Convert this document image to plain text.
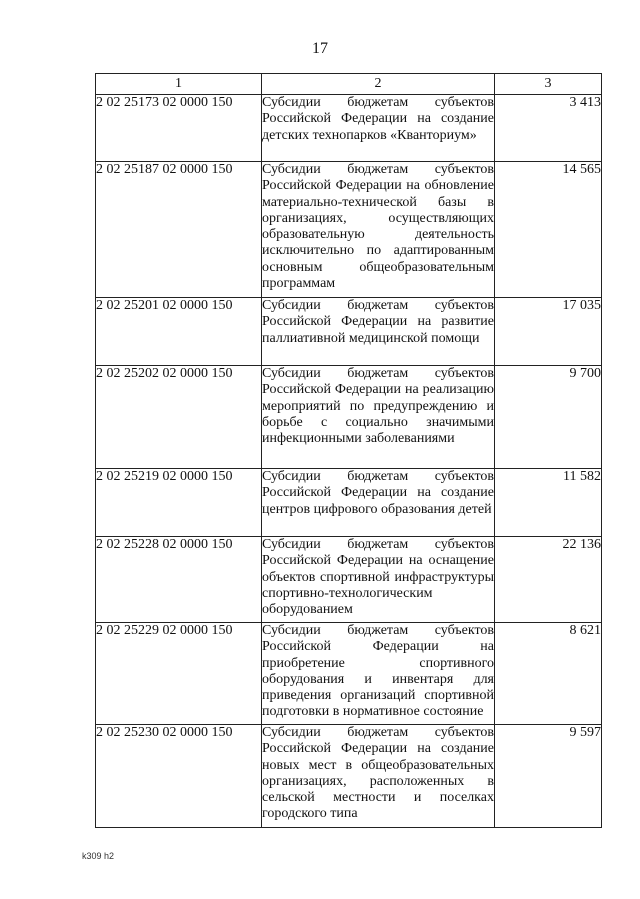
17
1	2	3
2 02 25173 02 0000 150	Субсидии бюджетам субъектов Российской Федерации на создание детских технопарков «Кванториум»	3 413
2 02 25187 02 0000 150	Субсидии бюджетам субъектов Российской Федерации на обновление материально-технической базы в организациях, осуществляющих образовательную деятельность исключительно по адаптированным основным общеобразовательным программам	14 565
2 02 25201 02 0000 150	Субсидии бюджетам субъектов Российской Федерации на развитие паллиативной медицинской помощи	17 035
2 02 25202 02 0000 150	Субсидии бюджетам субъектов Российской Федерации на реализацию мероприятий по предупреждению и борьбе с социально значимыми инфекционными заболеваниями	9 700
2 02 25219 02 0000 150	Субсидии бюджетам субъектов Российской Федерации на создание центров цифрового образования детей	11 582
2 02 25228 02 0000 150	Субсидии бюджетам субъектов Российской Федерации на оснащение объектов спортивной инфраструктуры спортивно-технологическим оборудованием	22 136
2 02 25229 02 0000 150	Субсидии бюджетам субъектов Российской Федерации на приобретение спортивного оборудования и инвентаря для приведения организаций спортивной подготовки в нормативное состояние	8 621
2 02 25230 02 0000 150	Субсидии бюджетам субъектов Российской Федерации на создание новых мест в общеобразовательных организациях, расположенных в сельской местности и поселках городского типа	9 597
k309 h2
